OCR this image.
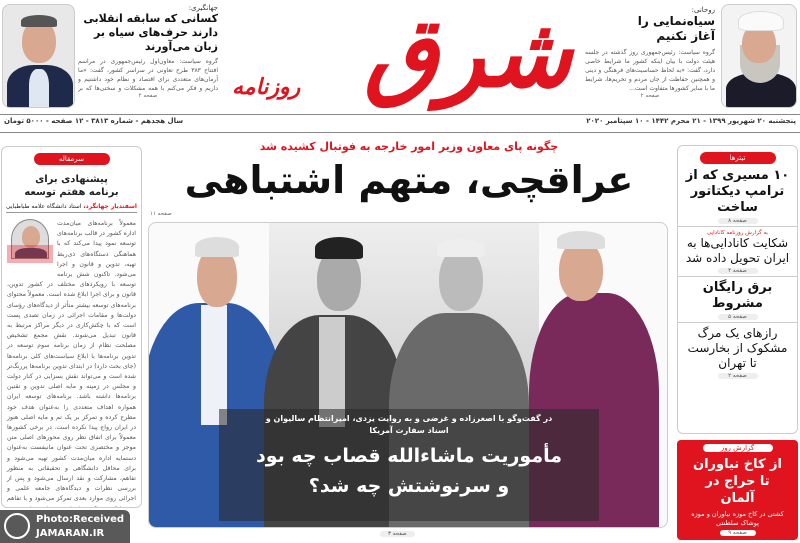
جهانگیری:
کسانی که سابقه انقلابی دارند حرف‌های سیاه بر زبان می‌آورند
گروه سیاست: معاون‌اول رئیس‌جمهوری در مراسم افتتاح ۳۸۳ طرح تعاونی در سراسر کشور، گفت: «ما آرمان‌های متعددی برای اقتصاد و نظام خود داشتیم و داریم و فکر می‌کنم با همه مشکلات و سختی‌ها که بر
صفحه ۲	شرق
روزنامه
روحانی:
سیاه‌نمایی را آغاز نکنیم
گروه سیاست: رئیس‌جمهوری روز گذشته در جلسه هیئت دولت با بیان اینکه کشور ما شرایط خاصی دارد، گفت: «به لحاظ حساسیت‌های فرهنگی و دینی و همچنین حفاظت از جان مردم و تحریم‌ها، شرایط ما با سایر کشورها متفاوت است...
صفحه ۲
پنجشنبه ۲۰ شهریور ۱۳۹۹ - ۲۱ محرم ۱۴۴۲ - ۱۰ سپتامبر ۲۰۲۰
سال هجدهم - شماره ۳۸۱۳ - ۱۲ صفحه - ۵۰۰۰ تومان
سرمقاله
پیشنهادی برای برنامه هفتم توسعه
اسفندیار جهانگرد، استاد دانشگاه علامه طباطبایی
معمولاً برنامه‌های میان‌مدت اداره کشور در قالب برنامه‌های توسعه نمود پیدا می‌کند که با هماهنگی دستگاه‌های ذی‌ربط تهیه، تدوین و قانون و اجرا می‌شود. تاکنون شش برنامه توسعه با رویکردهای مختلف در کشور تدوین، قانون و برای اجرا ابلاغ شده است. معمولاً محتوای برنامه‌های توسعه بیشتر متأثر از دیدگاه‌های رؤسای دولت‌ها و مقامات اجرائی در زمان تصدی پست است که با چکش‌کاری در دیگر مراکز مرتبط به قانون تبدیل می‌شوند. نقش مجمع تشخیص مصلحت نظام از زمان برنامه سوم توسعه در تدوین برنامه‌ها با ابلاغ سیاست‌های کلی برنامه‌ها (جای بحث دارد) در ابتدای تدوین برنامه‌ها پررنگ‌تر شده است و می‌تواند نقش بسزایی در کنار دولت و مجلس در زمینه و مایه اصلی تدوین و تقنین برنامه‌ها داشته باشد. برنامه‌های توسعه ایران همواره اهداف متعددی را به‌عنوان هدف خود مطرح کرده و تمرکز بر یک تم و مایه اصلی هنوز در ایران رواج پیدا نکرده است. در برخی کشورها معمولاً برای اتفاق نظر روی محورهای اصلی متن موجز و مختصری تحت عنوان مانیفست به‌عنوان دستمایه اداره میان‌مدت کشور تهیه می‌شود و برای محافل دانشگاهی و تحقیقاتی به منظور تفاهم، مشارکت و نقد ارسال می‌شود و پس از بررسی نظرات و دیدگاه‌های جامعه علمی و اجرائی روی موارد بعدی تمرکز می‌شود و با تفاهم
Photo:Received
JAMARAN.IR
چگونه پای معاون وزیر امور خارجه به فوتبال کشیده شد
عراقچی، متهم اشتباهی
صفحه ۱۱
در گفت‌وگو با اصغرزاده و غرضی و به روایت یزدی، امیرانتظام ساليوان و اسناد سفارت آمریکا
مأموریت ماشاءالله قصاب چه بود
و سرنوشتش چه شد؟
صفحه ۳
تیترها
۱۰ مسیری که از ترامپ دیکتاتور ساخت
صفحه ۸
به گزارش روزنامه کانادایی
شکایت کانادایی‌ها به ایران تحویل داده شد
صفحه ۴
برق رایگان مشروط
صفحه ۵
رازهای یک مرگ مشکوک از بخارست تا تهران
صفحه ۲
گزارش روز
از کاخ نیاوران تا حراج در آلمان
کشتی در کاخ موزه نیاوران و موزه پوشاک سلطنتی
صفحه ۹
